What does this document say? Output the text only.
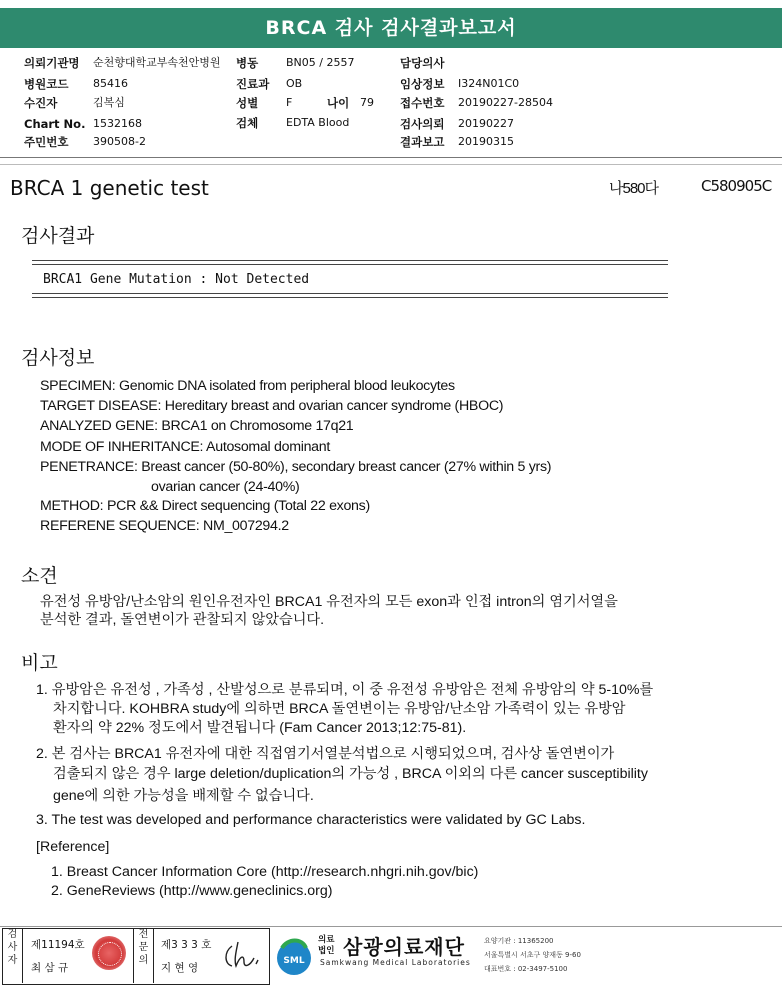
BRCA 검사 검사결과보고서
의뢰기관명 순천향대학교부속천안병원
병원코드 85416
수진자	김복심
Chart No. 1532168
주민번호 390508-2
병동	BN05 / 2557
진료과 OB
성별	F	나이 79
검체	EDTA Blood
담당의사
임상정보 I324N01C0
접수번호 20190227-28504
검사의뢰 20190227
결과보고 20190315
BRCA 1 genetic test	나580다	C580905C
검사결과
BRCA1 Gene Mutation : Not Detected
검사정보
SPECIMEN: Genomic DNA isolated from peripheral blood leukocytes
TARGET DISEASE: Hereditary breast and ovarian cancer syndrome (HBOC)
ANALYZED GENE: BRCA1 on Chromosome 17q21
MODE OF INHERITANCE: Autosomal dominant
PENETRANCE: Breast cancer (50-80%), secondary breast cancer (27% within 5 yrs)
ovarian cancer (24-40%)
METHOD: PCR && Direct sequencing (Total 22 exons)
REFERENE SEQUENCE: NM_007294.2
소견
유전성 유방암/난소암의 원인유전자인 BRCA1 유전자의 모든 exon과 인접 intron의 염기서열을
분석한 결과, 돌연변이가 관찰되지 않았습니다.
비고
1. 유방암은 유전성 , 가족성 , 산발성으로 분류되며, 이 중 유전성 유방암은 전체 유방암의 약 5-10%를
차지합니다. KOHBRA study에 의하면 BRCA 돌연변이는 유방암/난소암 가족력이 있는 유방암
환자의 약 22% 정도에서 발견됩니다 (Fam Cancer 2013;12:75-81).
2. 본 검사는 BRCA1 유전자에 대한 직접염기서열분석법으로 시행되었으며, 검사상 돌연변이가
검출되지 않은 경우 large deletion/duplication의 가능성 , BRCA 이외의 다른 cancer susceptibility
gene에 의한 가능성을 배제할 수 없습니다.
3. The test was developed and performance characteristics were validated by GC Labs.
[Reference]
1. Breast Cancer Information Core (http://research.nhgri.nih.gov/bic)
2. GeneReviews (http://www.geneclinics.org)
검
사
자
제11194호
최 삼 규
전
문
의
제3 3 3 호
지 현 영
SML
의료
법인 삼광의료재단
Samkwang Medical Laboratories
요양기관 : 11365200
서울특별시 서초구 양재동 9-60
대표번호 : 02-3497-5100
